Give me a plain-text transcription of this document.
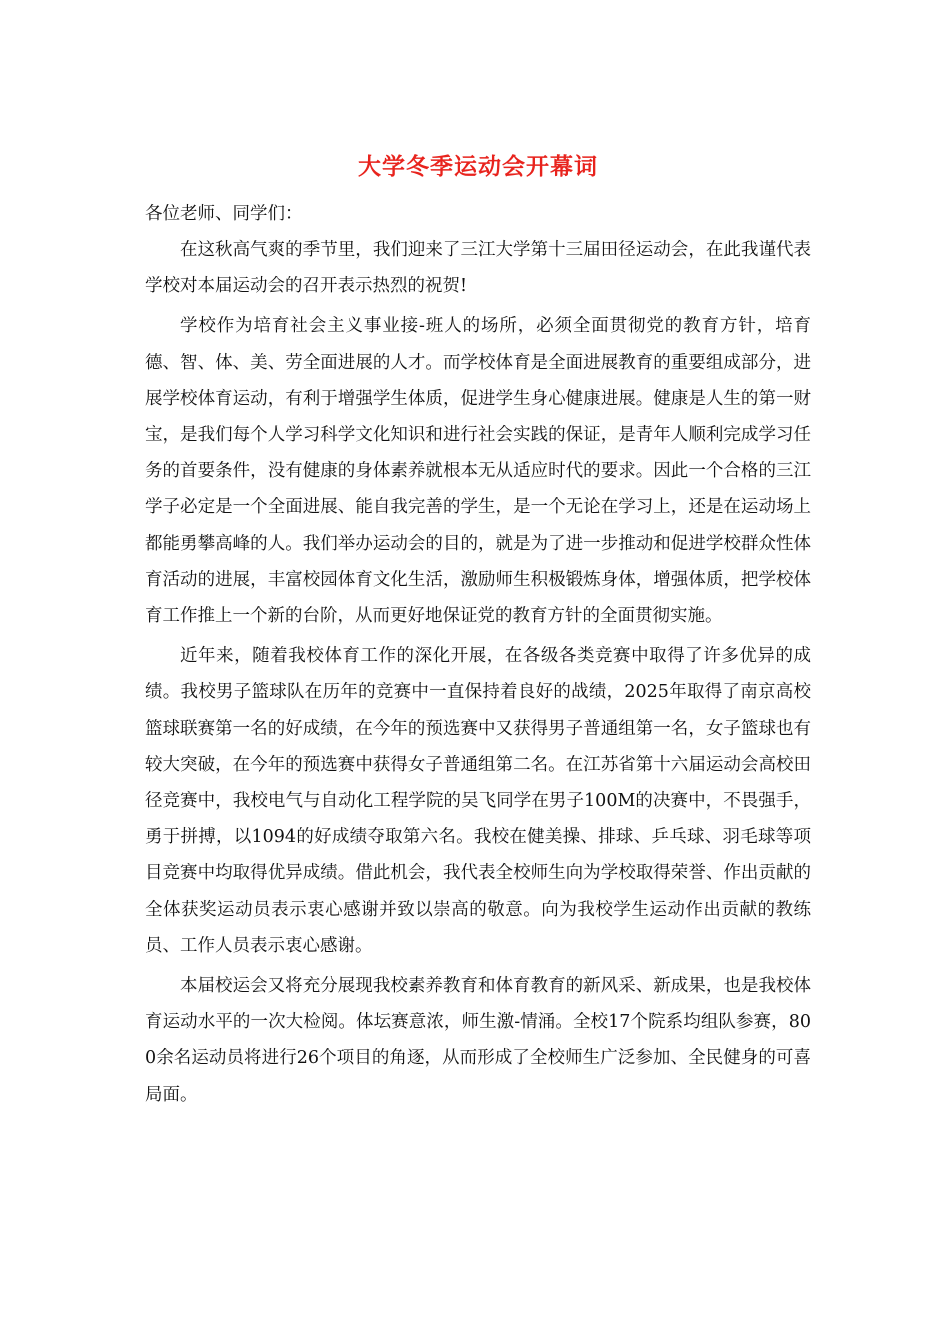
大学冬季运动会开幕词

各位老师、同学们：

在这秋高气爽的季节里，我们迎来了三江大学第十三届田径运动会，在此我谨代表学校对本届运动会的召开表示热烈的祝贺!

学校作为培育社会主义事业接-班人的场所，必须全面贯彻党的教育方针，培育德、智、体、美、劳全面进展的人才。而学校体育是全面进展教育的重要组成部分，进展学校体育运动，有利于增强学生体质，促进学生身心健康进展。健康是人生的第一财宝，是我们每个人学习科学文化知识和进行社会实践的保证，是青年人顺利完成学习任务的首要条件，没有健康的身体素养就根本无从适应时代的要求。因此一个合格的三江学子必定是一个全面进展、能自我完善的学生，是一个无论在学习上，还是在运动场上都能勇攀高峰的人。我们举办运动会的目的，就是为了进一步推动和促进学校群众性体育活动的进展，丰富校园体育文化生活，激励师生积极锻炼身体，增强体质，把学校体育工作推上一个新的台阶，从而更好地保证党的教育方针的全面贯彻实施。

近年来，随着我校体育工作的深化开展，在各级各类竞赛中取得了许多优异的成绩。我校男子篮球队在历年的竞赛中一直保持着良好的战绩，2025年取得了南京高校篮球联赛第一名的好成绩，在今年的预选赛中又获得男子普通组第一名，女子篮球也有较大突破，在今年的预选赛中获得女子普通组第二名。在江苏省第十六届运动会高校田径竞赛中，我校电气与自动化工程学院的吴飞同学在男子100M的决赛中，不畏强手，勇于拼搏，以1094的好成绩夺取第六名。我校在健美操、排球、乒乓球、羽毛球等项目竞赛中均取得优异成绩。借此机会，我代表全校师生向为学校取得荣誉、作出贡献的全体获奖运动员表示衷心感谢并致以崇高的敬意。向为我校学生运动作出贡献的教练员、工作人员表示衷心感谢。

本届校运会又将充分展现我校素养教育和体育教育的新风采、新成果，也是我校体育运动水平的一次大检阅。体坛赛意浓，师生激-情涌。全校17个院系均组队参赛，800余名运动员将进行26个项目的角逐，从而形成了全校师生广泛参加、全民健身的可喜局面。
